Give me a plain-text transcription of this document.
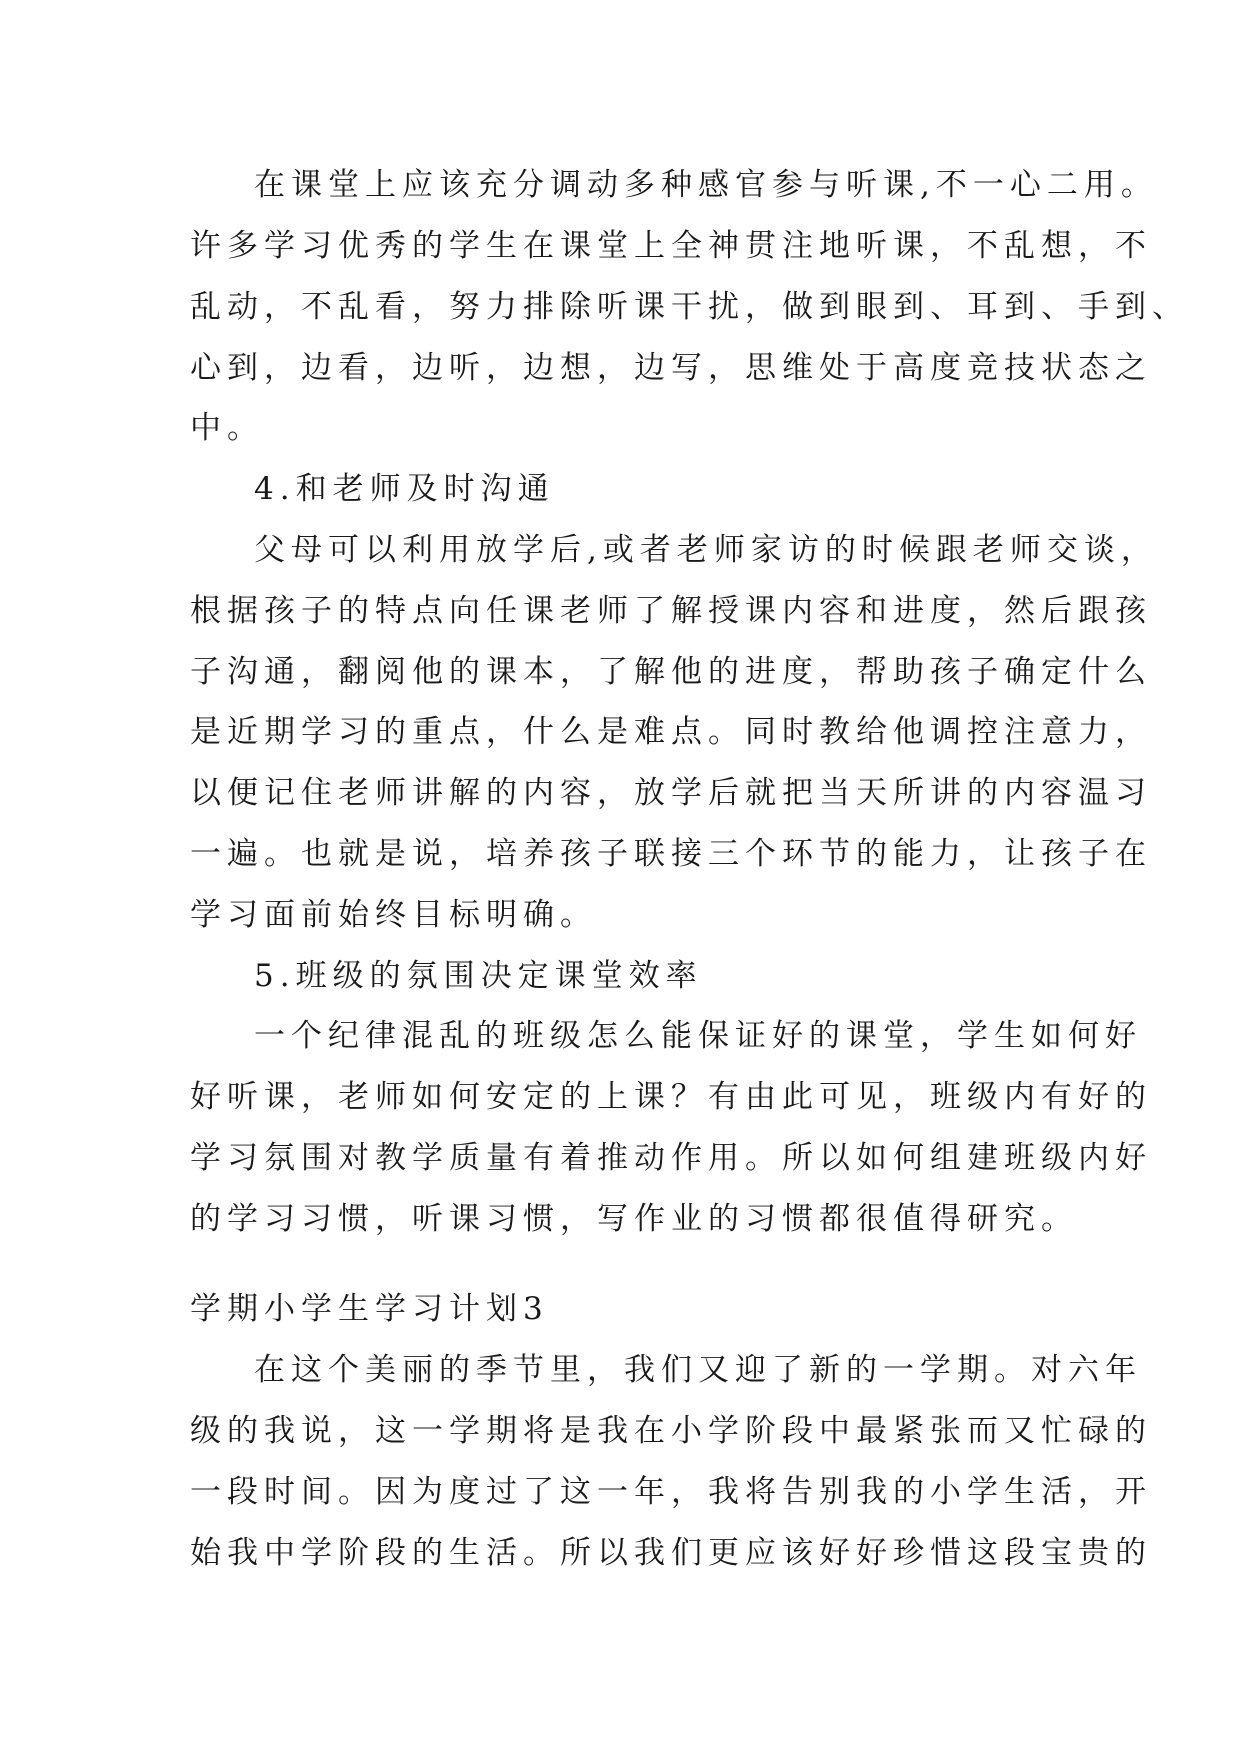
在课堂上应该充分调动多种感官参与听课,不一心二用。
许多学习优秀的学生在课堂上全神贯注地听课，不乱想，不
乱动，不乱看，努力排除听课干扰，做到眼到、耳到、手到、
心到，边看，边听，边想，边写，思维处于高度竞技状态之
中。
4.和老师及时沟通
父母可以利用放学后,或者老师家访的时候跟老师交谈，
根据孩子的特点向任课老师了解授课内容和进度，然后跟孩
子沟通，翻阅他的课本，了解他的进度，帮助孩子确定什么
是近期学习的重点，什么是难点。同时教给他调控注意力，
以便记住老师讲解的内容，放学后就把当天所讲的内容温习
一遍。也就是说，培养孩子联接三个环节的能力，让孩子在
学习面前始终目标明确。
5.班级的氛围决定课堂效率
一个纪律混乱的班级怎么能保证好的课堂，学生如何好
好听课，老师如何安定的上课？有由此可见，班级内有好的
学习氛围对教学质量有着推动作用。所以如何组建班级内好
的学习习惯，听课习惯，写作业的习惯都很值得研究。
学期小学生学习计划3
在这个美丽的季节里，我们又迎了新的一学期。对六年
级的我说，这一学期将是我在小学阶段中最紧张而又忙碌的
一段时间。因为度过了这一年，我将告别我的小学生活，开
始我中学阶段的生活。所以我们更应该好好珍惜这段宝贵的
